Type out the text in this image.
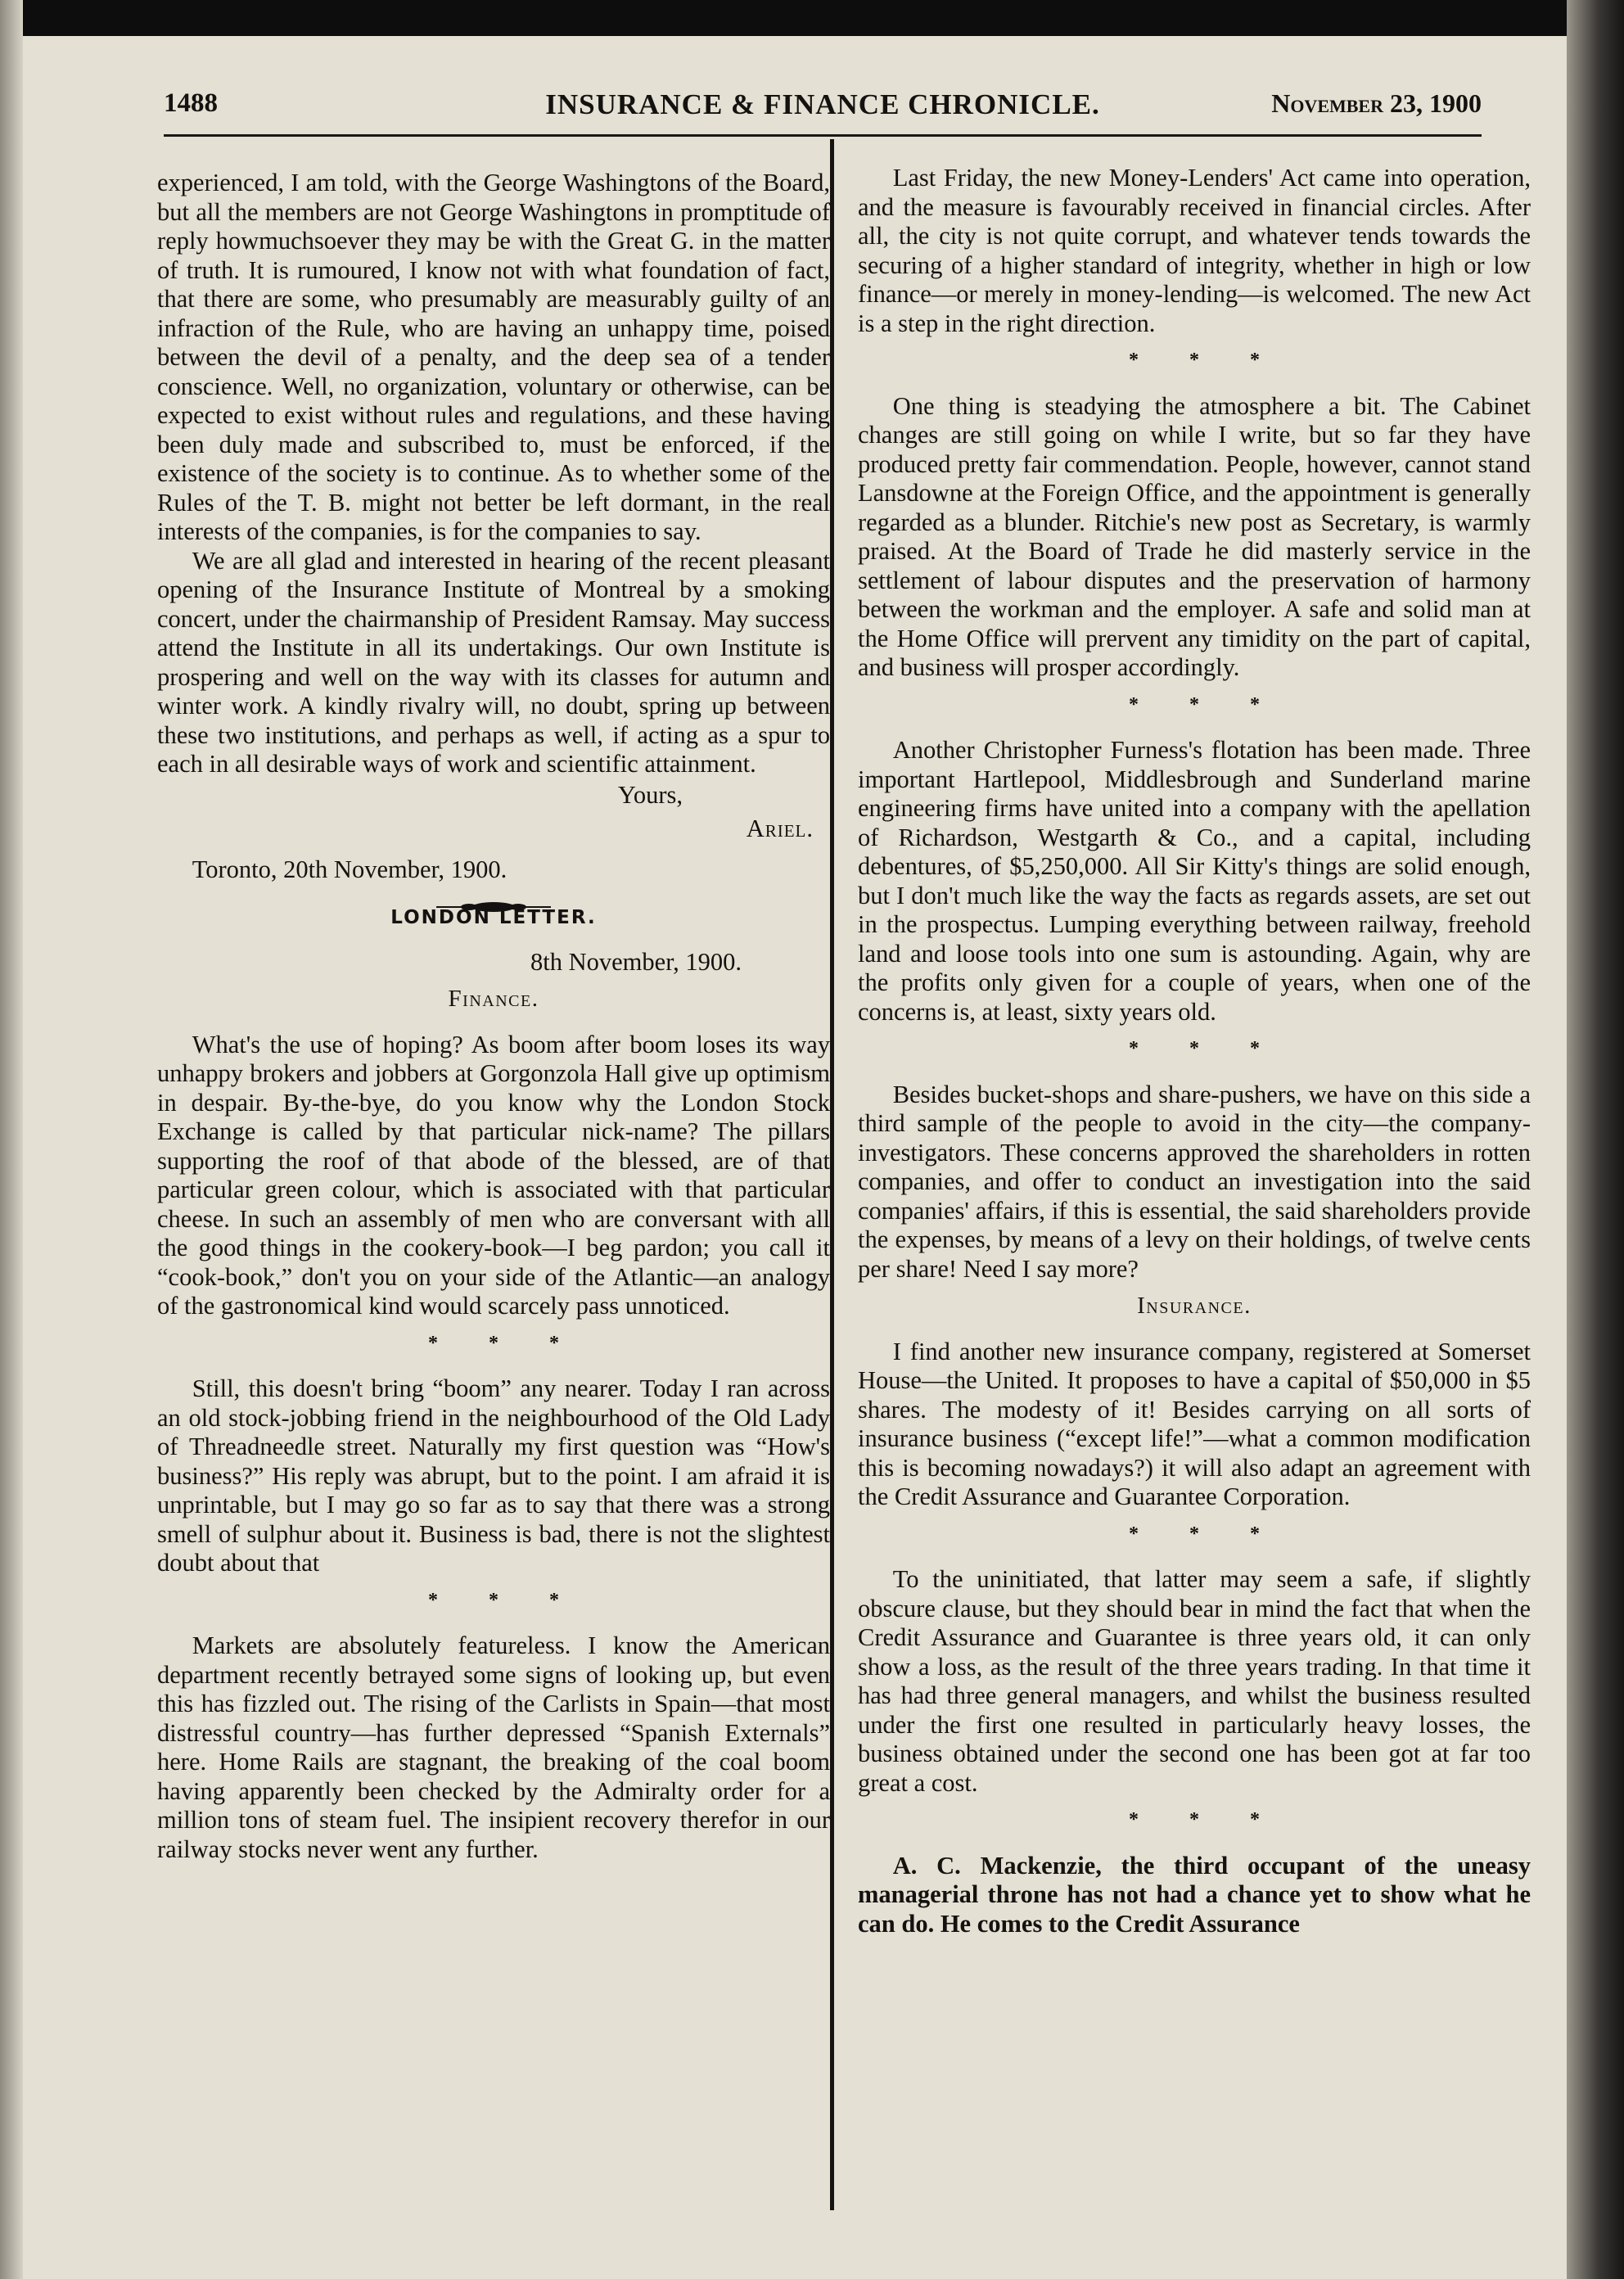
1488	INSURANCE & FINANCE CHRONICLE.	November 23, 1900

experienced, I am told, with the George Washingtons of the Board, but all the members are not George Washingtons in promptitude of reply howmuchsoever they may be with the Great G. in the matter of truth. It is rumoured, I know not with what foundation of fact, that there are some, who presumably are measurably guilty of an infraction of the Rule, who are having an unhappy time, poised between the devil of a penalty, and the deep sea of a tender conscience. Well, no organization, voluntary or otherwise, can be expected to exist without rules and regulations, and these having been duly made and subscribed to, must be enforced, if the existence of the society is to continue. As to whether some of the Rules of the T. B. might not better be left dormant, in the real interests of the companies, is for the companies to say.

We are all glad and interested in hearing of the recent pleasant opening of the Insurance Institute of Montreal by a smoking concert, under the chairmanship of President Ramsay. May success attend the Institute in all its undertakings. Our own Institute is prospering and well on the way with its classes for autumn and winter work. A kindly rivalry will, no doubt, spring up between these two institutions, and perhaps as well, if acting as a spur to each in all desirable ways of work and scientific attainment.

Yours,
Ariel.
Toronto, 20th November, 1900.
LONDON LETTER.
8th November, 1900.
Finance.

What's the use of hoping? As boom after boom loses its way unhappy brokers and jobbers at Gorgonzola Hall give up optimism in despair. By-the-bye, do you know why the London Stock Exchange is called by that particular nick-name? The pillars supporting the roof of that abode of the blessed, are of that particular green colour, which is associated with that particular cheese. In such an assembly of men who are conversant with all the good things in the cookery-book—I beg pardon; you call it “cook-book,” don't you on your side of the Atlantic—an analogy of the gastronomical kind would scarcely pass unnoticed.

* * *

Still, this doesn't bring “boom” any nearer. Today I ran across an old stock-jobbing friend in the neighbourhood of the Old Lady of Threadneedle street. Naturally my first question was “How's business?” His reply was abrupt, but to the point. I am afraid it is unprintable, but I may go so far as to say that there was a strong smell of sulphur about it. Business is bad, there is not the slightest doubt about that

* * *

Markets are absolutely featureless. I know the American department recently betrayed some signs of looking up, but even this has fizzled out. The rising of the Carlists in Spain—that most distressful country—has further depressed “Spanish Externals” here. Home Rails are stagnant, the breaking of the coal boom having apparently been checked by the Admiralty order for a million tons of steam fuel. The insipient recovery therefor in our railway stocks never went any further.

Last Friday, the new Money-Lenders' Act came into operation, and the measure is favourably received in financial circles. After all, the city is not quite corrupt, and whatever tends towards the securing of a higher standard of integrity, whether in high or low finance—or merely in money-lending—is welcomed. The new Act is a step in the right direction.

* * *

One thing is steadying the atmosphere a bit. The Cabinet changes are still going on while I write, but so far they have produced pretty fair commendation. People, however, cannot stand Lansdowne at the Foreign Office, and the appointment is generally regarded as a blunder. Ritchie's new post as Secretary, is warmly praised. At the Board of Trade he did masterly service in the settlement of labour disputes and the preservation of harmony between the workman and the employer. A safe and solid man at the Home Office will prervent any timidity on the part of capital, and business will prosper accordingly.

* * *

Another Christopher Furness's flotation has been made. Three important Hartlepool, Middlesbrough and Sunderland marine engineering firms have united into a company with the apellation of Richardson, Westgarth & Co., and a capital, including debentures, of $5,250,000. All Sir Kitty's things are solid enough, but I don't much like the way the facts as regards assets, are set out in the prospectus. Lumping everything between railway, freehold land and loose tools into one sum is astounding. Again, why are the profits only given for a couple of years, when one of the concerns is, at least, sixty years old.

* * *

Besides bucket-shops and share-pushers, we have on this side a third sample of the people to avoid in the city—the company-investigators. These concerns approved the shareholders in rotten companies, and offer to conduct an investigation into the said companies' affairs, if this is essential, the said shareholders provide the expenses, by means of a levy on their holdings, of twelve cents per share! Need I say more?

Insurance.

I find another new insurance company, registered at Somerset House—the United. It proposes to have a capital of $50,000 in $5 shares. The modesty of it! Besides carrying on all sorts of insurance business (“except life!”—what a common modification this is becoming nowadays?) it will also adapt an agreement with the Credit Assurance and Guarantee Corporation.

* * *

To the uninitiated, that latter may seem a safe, if slightly obscure clause, but they should bear in mind the fact that when the Credit Assurance and Guarantee is three years old, it can only show a loss, as the result of the three years trading. In that time it has had three general managers, and whilst the business resulted under the first one resulted in particularly heavy losses, the business obtained under the second one has been got at far too great a cost.

* * *

A. C. Mackenzie, the third occupant of the uneasy managerial throne has not had a chance yet to show what he can do. He comes to the Credit Assurance
